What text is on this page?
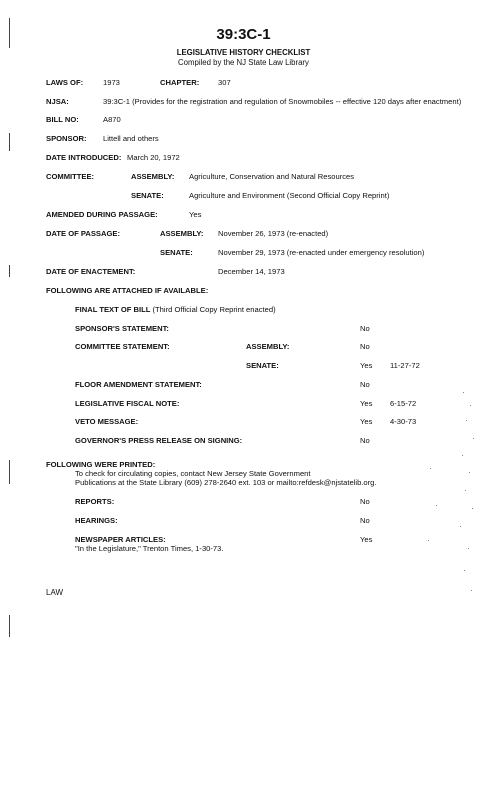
39:3C-1
LEGISLATIVE HISTORY CHECKLIST
Compiled by the NJ State Law Library
LAWS OF:	1973	CHAPTER: 307
NJSA:	39:3C-1 (Provides for the registration and regulation of Snowmobiles -- effective 120 days after enactment)
BILL NO:	A870
SPONSOR: Littell and others
DATE INTRODUCED: March 20, 1972
COMMITTEE:	ASSEMBLY: Agriculture, Conservation and Natural Resources
SENATE:	Agriculture and Environment (Second Official Copy Reprint)
AMENDED DURING PASSAGE:	Yes
DATE OF PASSAGE:	ASSEMBLY: November 26, 1973 (re-enacted)
SENATE:	November 29, 1973 (re-enacted under emergency resolution)
DATE OF ENACTEMENT:	December 14, 1973
FOLLOWING ARE ATTACHED IF AVAILABLE:
FINAL TEXT OF BILL (Third Official Copy Reprint enacted)
SPONSOR'S STATEMENT:	No
COMMITTEE STATEMENT:	ASSEMBLY:	No
SENATE:	Yes 11-27-72
FLOOR AMENDMENT STATEMENT:	No
LEGISLATIVE FISCAL NOTE:	Yes 6-15-72
VETO MESSAGE:	Yes 4-30-73
GOVERNOR'S PRESS RELEASE ON SIGNING:	No
FOLLOWING WERE PRINTED:
To check for circulating copies, contact New Jersey State Government
Publications at the State Library (609) 278-2640 ext. 103 or mailto:refdesk@njstatelib.org.
REPORTS:	No
HEARINGS:	No
NEWSPAPER ARTICLES:	Yes
"In the Legislature," Trenton Times, 1-30-73.
LAW
